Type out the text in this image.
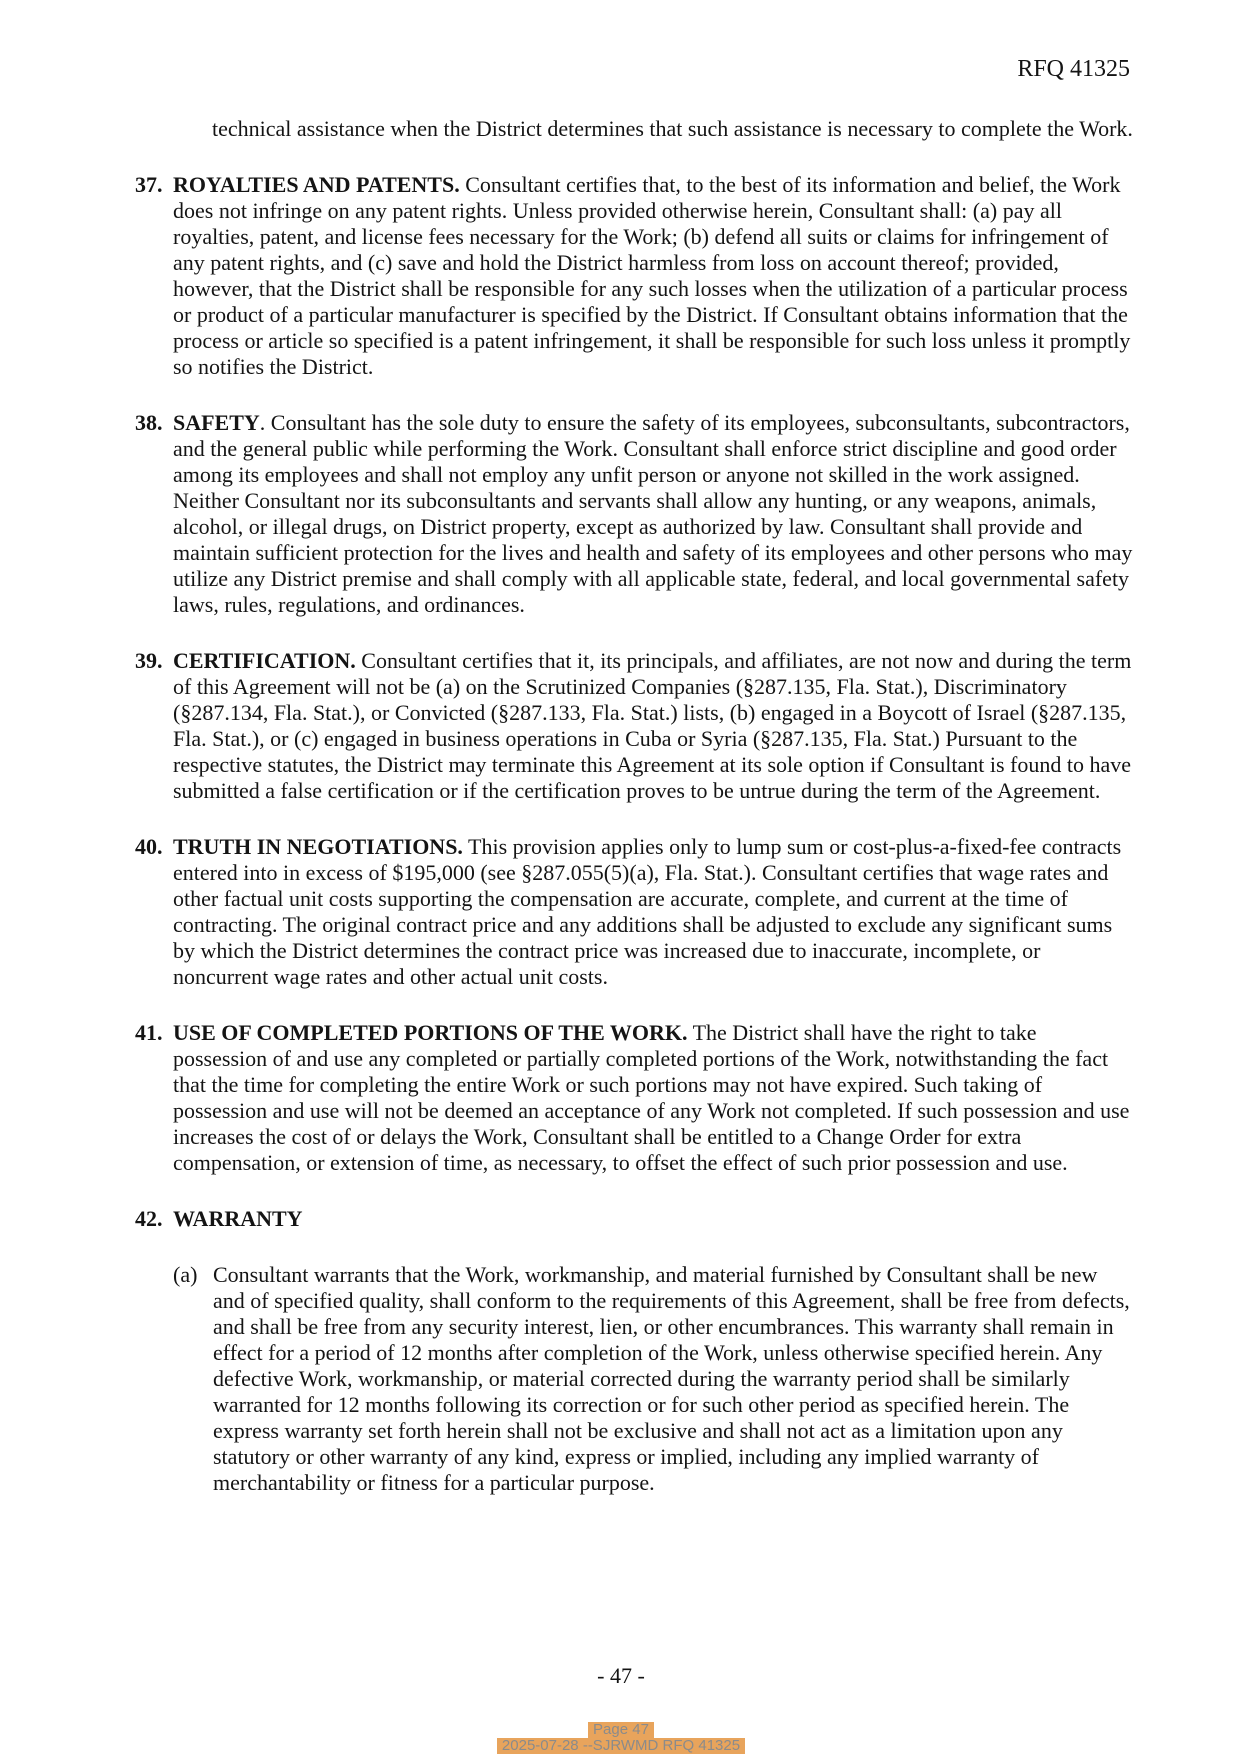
RFQ 41325

technical assistance when the District determines that such assistance is necessary to complete the Work.

37. ROYALTIES AND PATENTS. Consultant certifies that, to the best of its information and belief, the Work does not infringe on any patent rights. Unless provided otherwise herein, Consultant shall: (a) pay all royalties, patent, and license fees necessary for the Work; (b) defend all suits or claims for infringement of any patent rights, and (c) save and hold the District harmless from loss on account thereof; provided, however, that the District shall be responsible for any such losses when the utilization of a particular process or product of a particular manufacturer is specified by the District. If Consultant obtains information that the process or article so specified is a patent infringement, it shall be responsible for such loss unless it promptly so notifies the District.

38. SAFETY. Consultant has the sole duty to ensure the safety of its employees, subconsultants, subcontractors, and the general public while performing the Work. Consultant shall enforce strict discipline and good order among its employees and shall not employ any unfit person or anyone not skilled in the work assigned. Neither Consultant nor its subconsultants and servants shall allow any hunting, or any weapons, animals, alcohol, or illegal drugs, on District property, except as authorized by law. Consultant shall provide and maintain sufficient protection for the lives and health and safety of its employees and other persons who may utilize any District premise and shall comply with all applicable state, federal, and local governmental safety laws, rules, regulations, and ordinances.

39. CERTIFICATION. Consultant certifies that it, its principals, and affiliates, are not now and during the term of this Agreement will not be (a) on the Scrutinized Companies (§287.135, Fla. Stat.), Discriminatory (§287.134, Fla. Stat.), or Convicted (§287.133, Fla. Stat.) lists, (b) engaged in a Boycott of Israel (§287.135, Fla. Stat.), or (c) engaged in business operations in Cuba or Syria (§287.135, Fla. Stat.) Pursuant to the respective statutes, the District may terminate this Agreement at its sole option if Consultant is found to have submitted a false certification or if the certification proves to be untrue during the term of the Agreement.

40. TRUTH IN NEGOTIATIONS. This provision applies only to lump sum or cost-plus-a-fixed-fee contracts entered into in excess of $195,000 (see §287.055(5)(a), Fla. Stat.). Consultant certifies that wage rates and other factual unit costs supporting the compensation are accurate, complete, and current at the time of contracting. The original contract price and any additions shall be adjusted to exclude any significant sums by which the District determines the contract price was increased due to inaccurate, incomplete, or noncurrent wage rates and other actual unit costs.

41. USE OF COMPLETED PORTIONS OF THE WORK. The District shall have the right to take possession of and use any completed or partially completed portions of the Work, notwithstanding the fact that the time for completing the entire Work or such portions may not have expired. Such taking of possession and use will not be deemed an acceptance of any Work not completed. If such possession and use increases the cost of or delays the Work, Consultant shall be entitled to a Change Order for extra compensation, or extension of time, as necessary, to offset the effect of such prior possession and use.

42. WARRANTY

(a) Consultant warrants that the Work, workmanship, and material furnished by Consultant shall be new and of specified quality, shall conform to the requirements of this Agreement, shall be free from defects, and shall be free from any security interest, lien, or other encumbrances. This warranty shall remain in effect for a period of 12 months after completion of the Work, unless otherwise specified herein. Any defective Work, workmanship, or material corrected during the warranty period shall be similarly warranted for 12 months following its correction or for such other period as specified herein. The express warranty set forth herein shall not be exclusive and shall not act as a limitation upon any statutory or other warranty of any kind, express or implied, including any implied warranty of merchantability or fitness for a particular purpose.
- 47 -
Page 47
2025-07-28 --SJRWMD RFQ 41325
